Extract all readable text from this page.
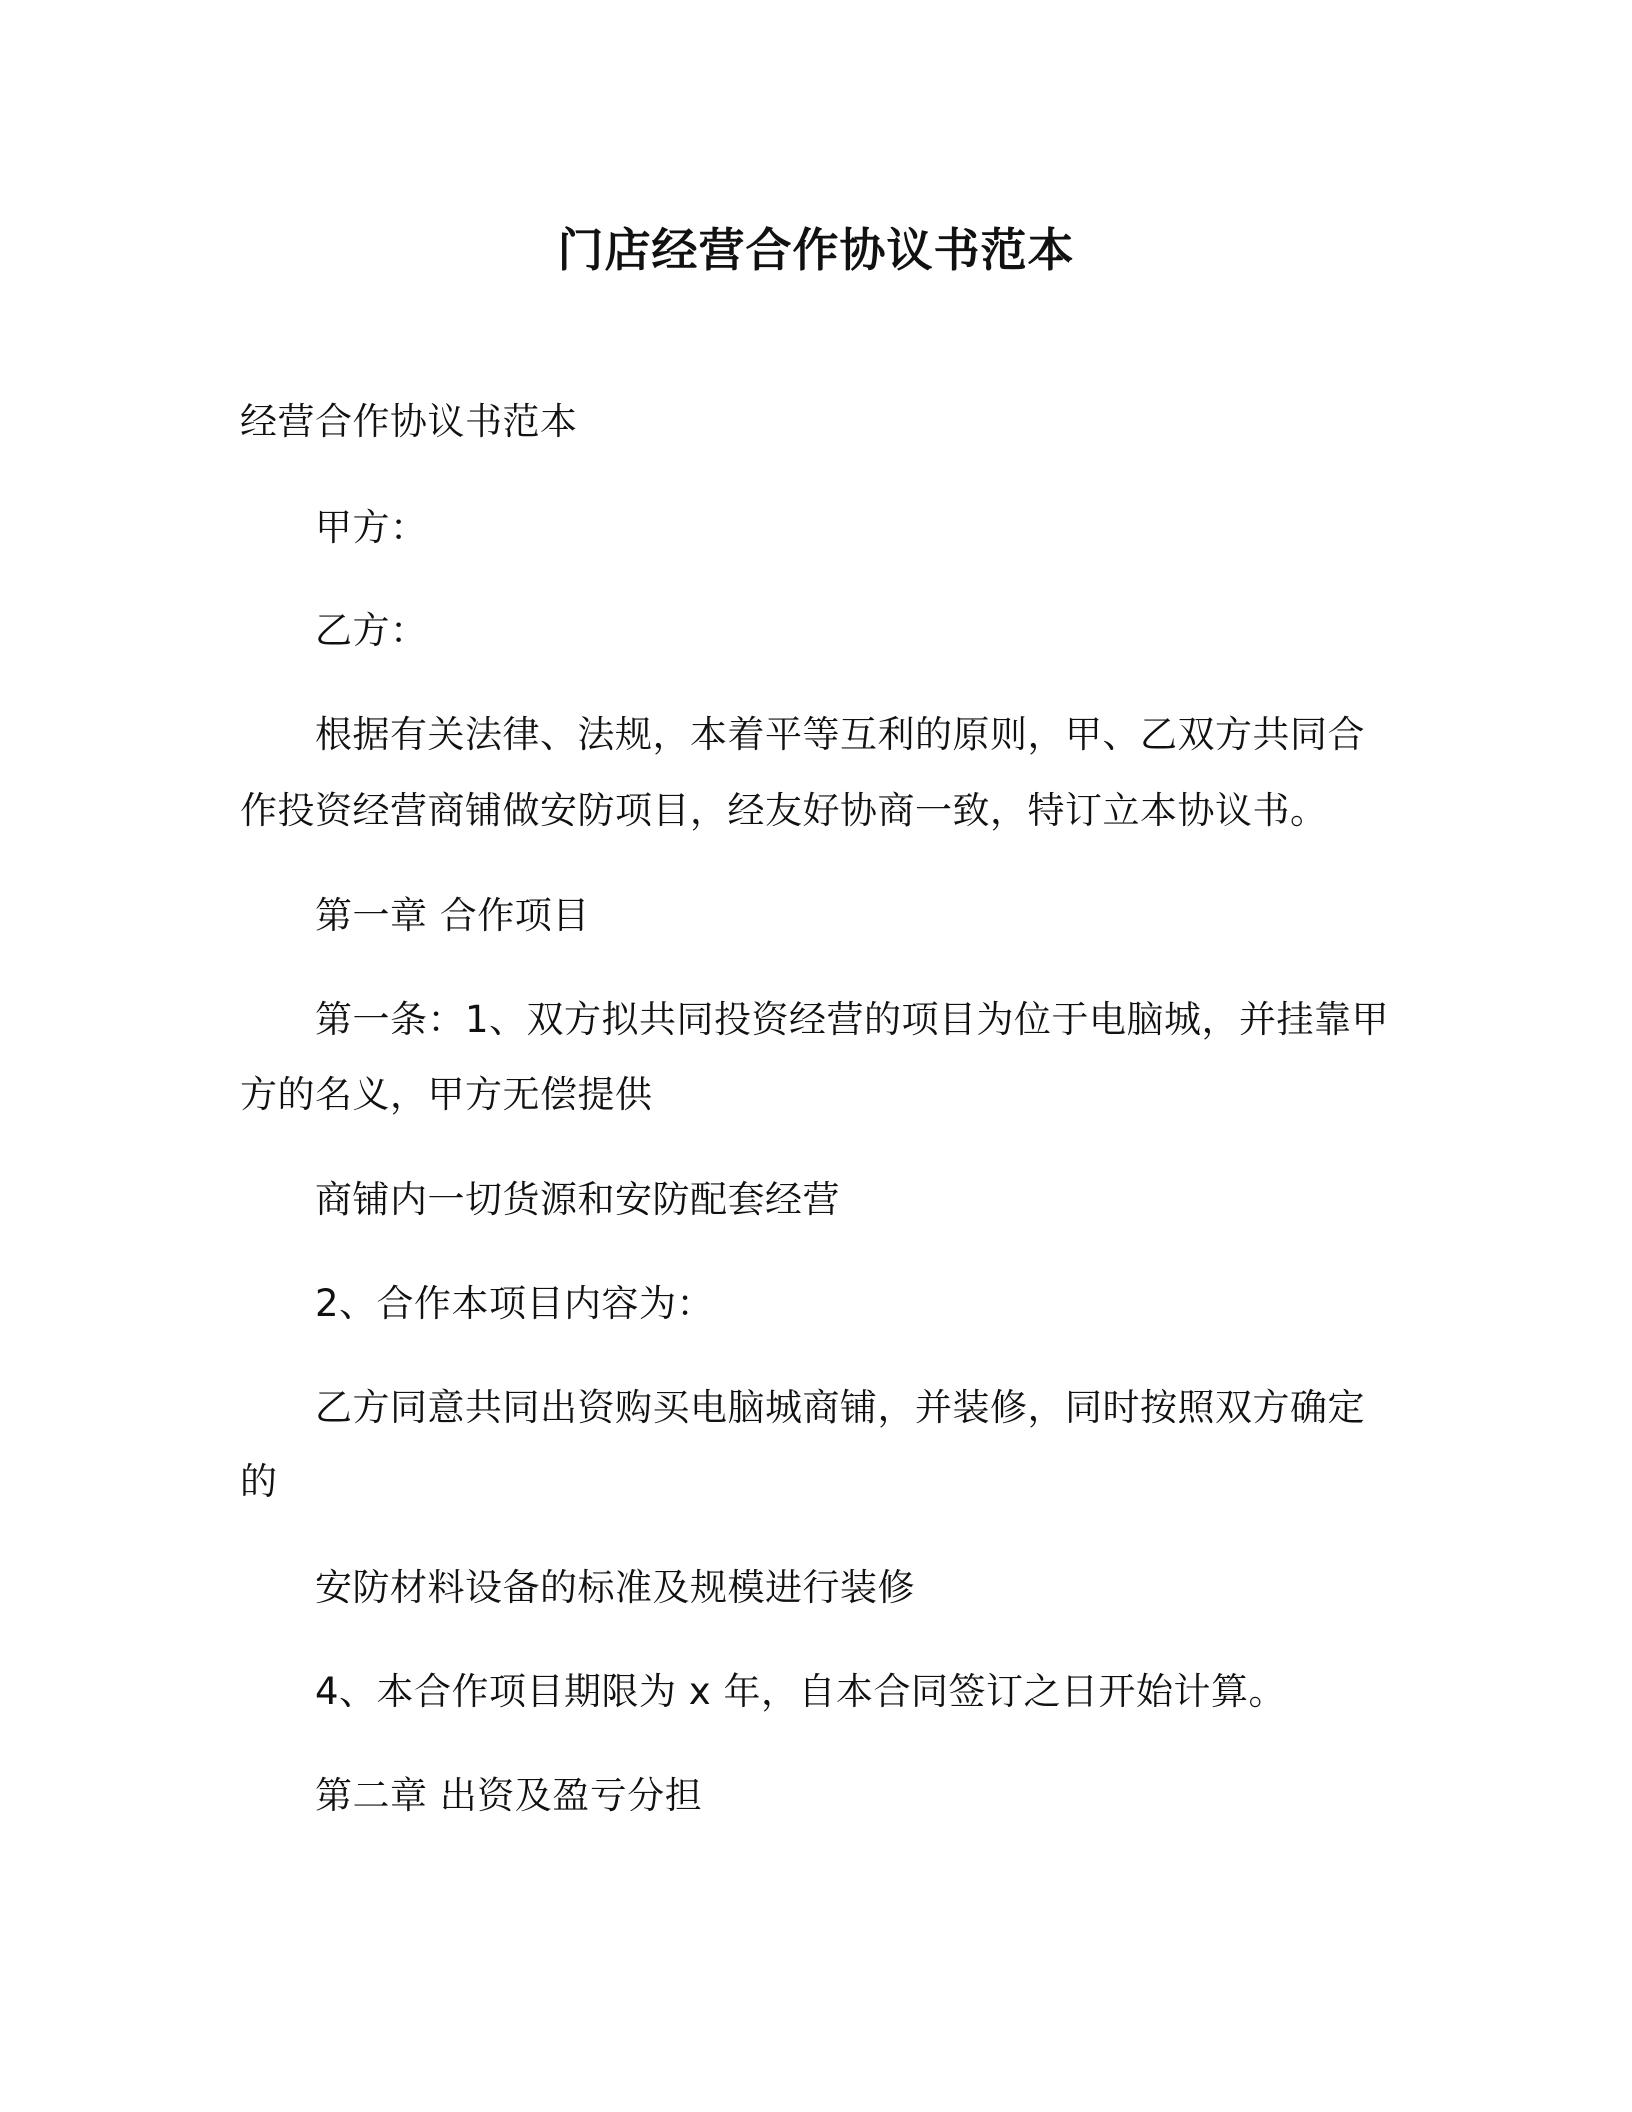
门店经营合作协议书范本
经营合作协议书范本
甲方：
乙方：
根据有关法律、法规，本着平等互利的原则，甲、乙双方共同合
作投资经营商铺做安防项目，经友好协商一致，特订立本协议书。
第一章 合作项目
第一条：1、双方拟共同投资经营的项目为位于电脑城，并挂靠甲
方的名义，甲方无偿提供
商铺内一切货源和安防配套经营
2、合作本项目内容为：
乙方同意共同出资购买电脑城商铺，并装修，同时按照双方确定
的
安防材料设备的标准及规模进行装修
4、本合作项目期限为 x 年，自本合同签订之日开始计算。
第二章 出资及盈亏分担
